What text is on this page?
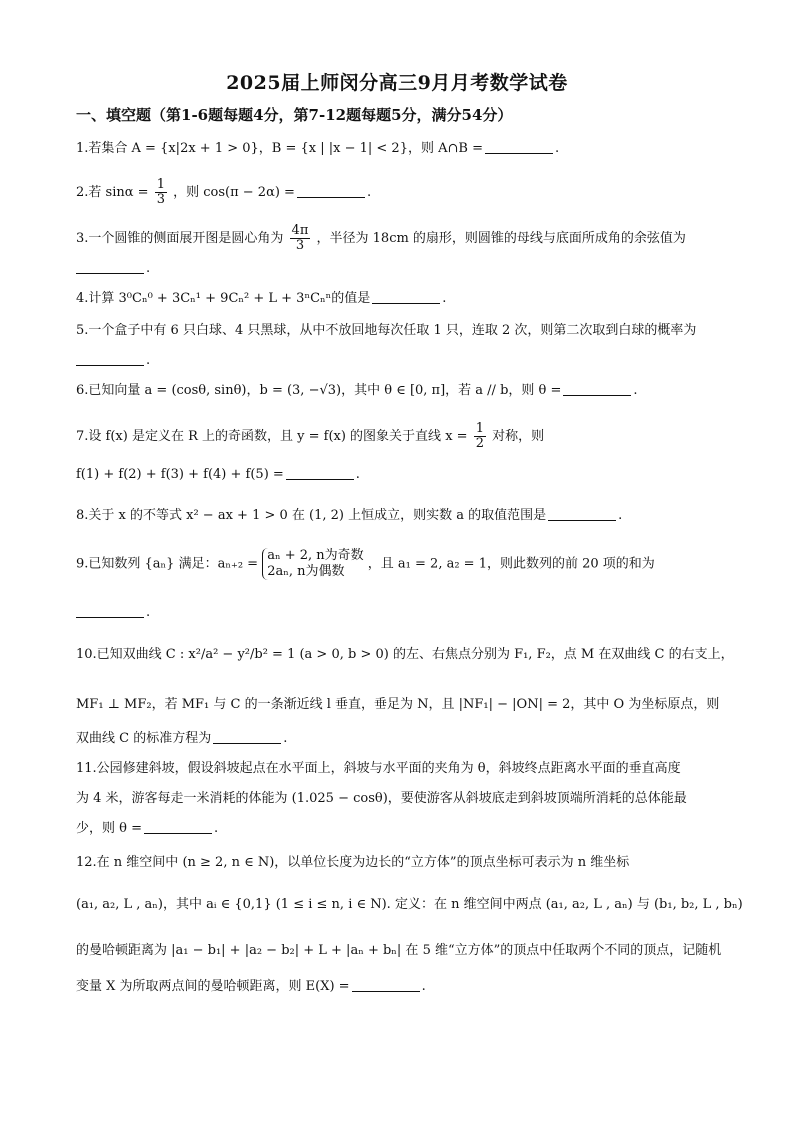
2025届上师闵分高三9月月考数学试卷
一、填空题（第1-6题每题4分，第7-12题每题5分，满分54分）
1.若集合 A = {x|2x + 1 > 0}，B = {x | |x − 1| < 2}，则 A∩B =	.
2.若 $\sin\alpha = \frac{1}{3}$ ，则 cos(π − 2α) =	.
3.一个圆锥的侧面展开图是圆心角为 $\frac{4\pi}{3}$ ，半径为 18cm 的扇形，则圆锥的母线与底面所成角的余弦值为
.
4.计算 3⁰Cₙ⁰ + 3Cₙ¹ + 9Cₙ² + L + 3ⁿCₙⁿ的值是	.
5.一个盒子中有 6 只白球、4 只黑球，从中不放回地每次任取 1 只，连取 2 次，则第二次取到白球的概率为
.
6.已知向量 a = (cosθ, sinθ)，b = (3, −√3)，其中 θ ∈ [0, π]，若 a // b，则 θ =	.
7.设 f(x) 是定义在 R 上的奇函数，且 y = f(x) 的图象关于直线 $x = \frac{1}{2}$ 对称，则
f(1) + f(2) + f(3) + f(4) + f(5) =	.
8.关于 x 的不等式 x² − ax + 1 > 0 在 (1, 2) 上恒成立，则实数 a 的取值范围是	.
9.已知数列 {aₙ} 满足：aₙ₊₂ =
aₙ + 2, n为奇数
2aₙ, n为偶数	，且 a₁ = 2, a₂ = 1，则此数列的前 20 项的和为
.
10.已知双曲线 C : x²/a² − y²/b² = 1 (a > 0, b > 0) 的左、右焦点分别为 F₁, F₂，点 M 在双曲线 C 的右支上，
MF₁ ⊥ MF₂，若 MF₁ 与 C 的一条渐近线 l 垂直，垂足为 N，且 |NF₁| − |ON| = 2，其中 O 为坐标原点，则
双曲线 C 的标准方程为	.
11.公园修建斜坡，假设斜坡起点在水平面上，斜坡与水平面的夹角为 θ，斜坡终点距离水平面的垂直高度
为 4 米，游客每走一米消耗的体能为 (1.025 − cosθ)，要使游客从斜坡底走到斜坡顶端所消耗的总体能最
少，则 θ =	.
12.在 n 维空间中 (n ≥ 2, n ∈ N)，以单位长度为边长的“立方体”的顶点坐标可表示为 n 维坐标
(a₁, a₂, L , aₙ)，其中 aᵢ ∈ {0,1} (1 ≤ i ≤ n, i ∈ N). 定义：在 n 维空间中两点 (a₁, a₂, L , aₙ) 与 (b₁, b₂, L , bₙ)
的曼哈顿距离为 |a₁ − b₁| + |a₂ − b₂| + L + |aₙ + bₙ| 在 5 维“立方体”的顶点中任取两个不同的顶点，记随机
变量 X 为所取两点间的曼哈顿距离，则 E(X) =	.
